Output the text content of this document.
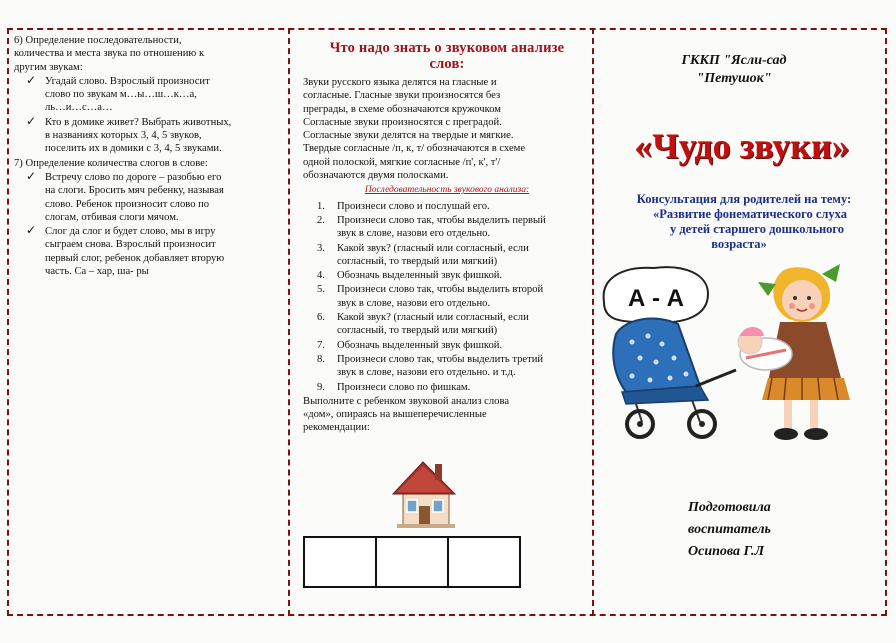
6) Определение последовательности,
количества и места звука по отношению к
другим звукам:

✓ Угадай слово. Взрослый произносит
слово по звукам м…ы…ш…к…а,
ль…и…с…а…
✓ Кто в домике живет? Выбрать животных,
в названиях которых 3, 4, 5 звуков,
поселить их в домики с 3, 4, 5 звуками.

7) Определение количества слогов в слове:

✓ Встречу слово по дороге – разобью его
на слоги. Бросить мяч ребенку, называя
слово. Ребенок произносит слово по
слогам, отбивая слоги мячом.
✓ Слог да слог и будет слово, мы в игру
сыграем снова. Взрослый произносит
первый слог, ребенок добавляет вторую
часть. Са – хар, ша- ры
Что надо знать о звуковом анализе
слов:
Звуки русского языка делятся на гласные и
согласные. Гласные звуки произносятся без
преграды, в схеме обозначаются кружочком
Согласные звуки произносятся с преградой.
Согласные звуки делятся на твердые и мягкие.
Твердые согласные /п, к, т/ обозначаются в схеме
одной полоской, мягкие согласные /п', к', т'/
обозначаются двумя полосками.
Последовательность звукового анализа:
1. Произнеси слово и послушай его.
2. Произнеси слово так, чтобы выделить первый
звук в слове, назови его отдельно.
3. Какой звук? (гласный или согласный, если
согласный, то твердый или мягкий)
4. Обозначь выделенный звук фишкой.
5. Произнеси слово так, чтобы выделить второй
звук в слове, назови его отдельно.
6. Какой звук? (гласный или согласный, если
согласный, то твердый или мягкий)
7. Обозначь выделенный звук фишкой.
8. Произнеси слово так, чтобы выделить третий
звук в слове, назови его отдельно. и т.д.
9. Произнеси слово по фишкам.
Выполните с ребенком звуковой анализ слова
«дом», опираясь на вышеперечисленные
рекомендации:
ГККП "Ясли-сад
"Петушок"
«Чудо звуки»
Консультация для родителей на тему:
«Развитие фонематического слуха
у детей старшего дошкольного
возраста»
А - А
Подготовила
воспитатель
Осипова Г.Л
